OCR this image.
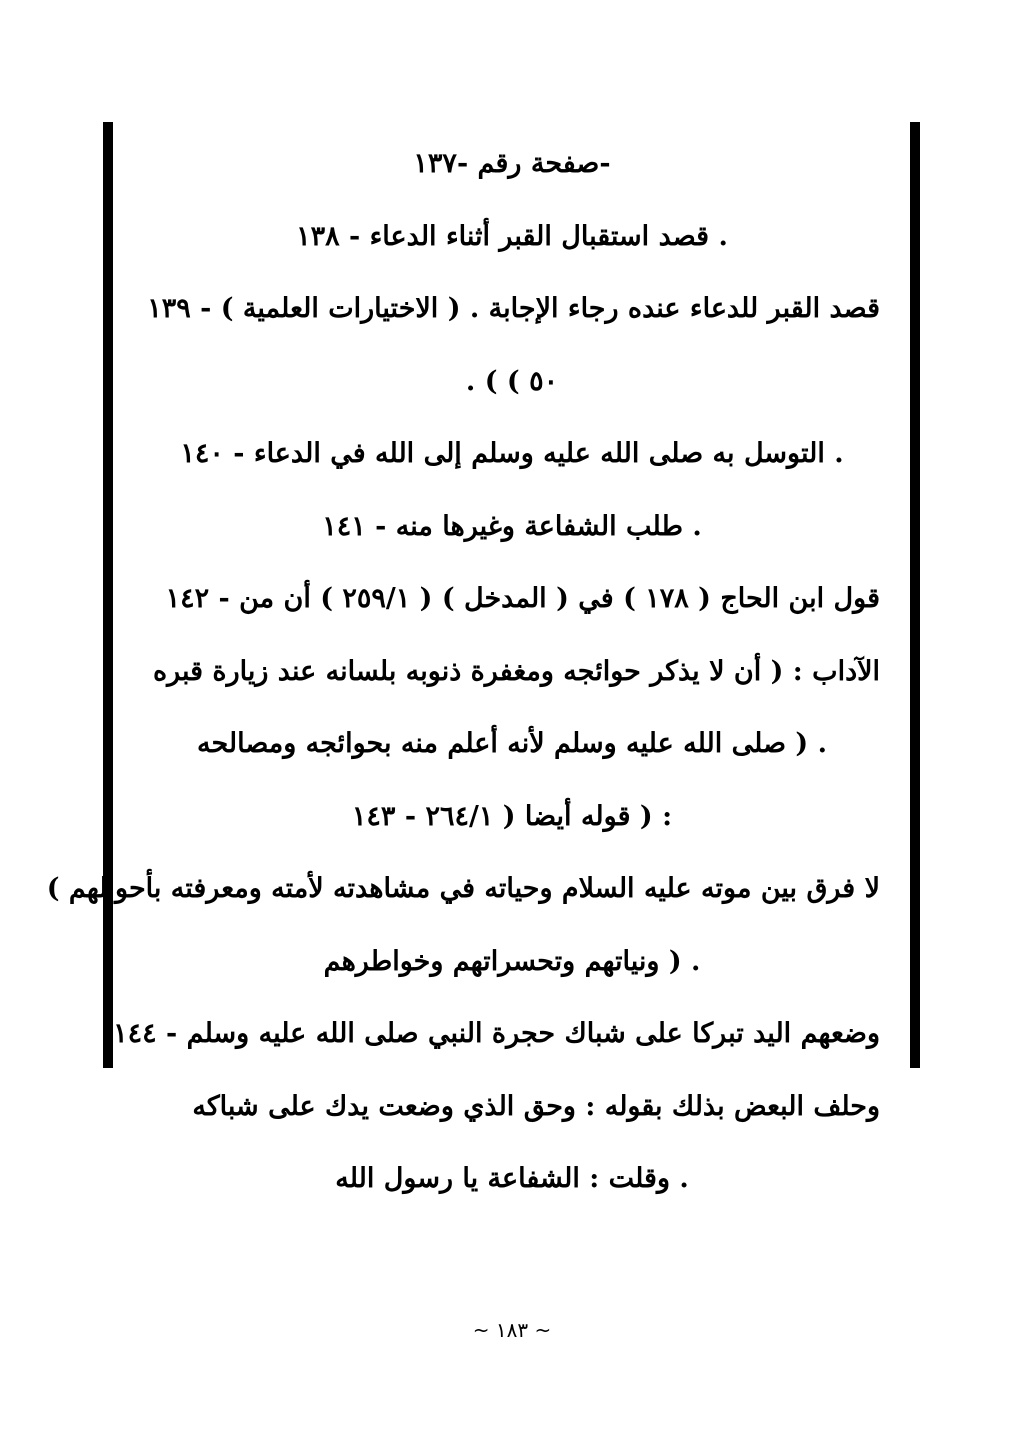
-صفحة رقم -١٣٧
. قصد استقبال القبر أثناء الدعاء - ١٣٨
قصد القبر للدعاء عنده رجاء الإجابة . ( الاختيارات العلمية ) - ١٣٩
. ( ( ٥٠
. التوسل به صلى الله عليه وسلم إلى الله في الدعاء - ١٤٠
. طلب الشفاعة وغيرها منه - ١٤١
قول ابن الحاج ( ١٧٨ ) في ( المدخل ) ( ٢٥٩/١ ) أن من - ١٤٢
الآداب : ( أن لا يذكر حوائجه ومغفرة ذنوبه بلسانه عند زيارة قبره
. ( صلى الله عليه وسلم لأنه أعلم منه بحوائجه ومصالحه
: ( قوله أيضا ( ٢٦٤/١ - ١٤٣
لا فرق بين موته عليه السلام وحياته في مشاهدته لأمته ومعرفته بأحوالهم )
. ( ونياتهم وتحسراتهم وخواطرهم
وضعهم اليد تبركا على شباك حجرة النبي صلى الله عليه وسلم - ١٤٤
وحلف البعض بذلك بقوله : وحق الذي وضعت يدك على شباكه
. وقلت : الشفاعة يا رسول الله
~ ١٨٣ ~
